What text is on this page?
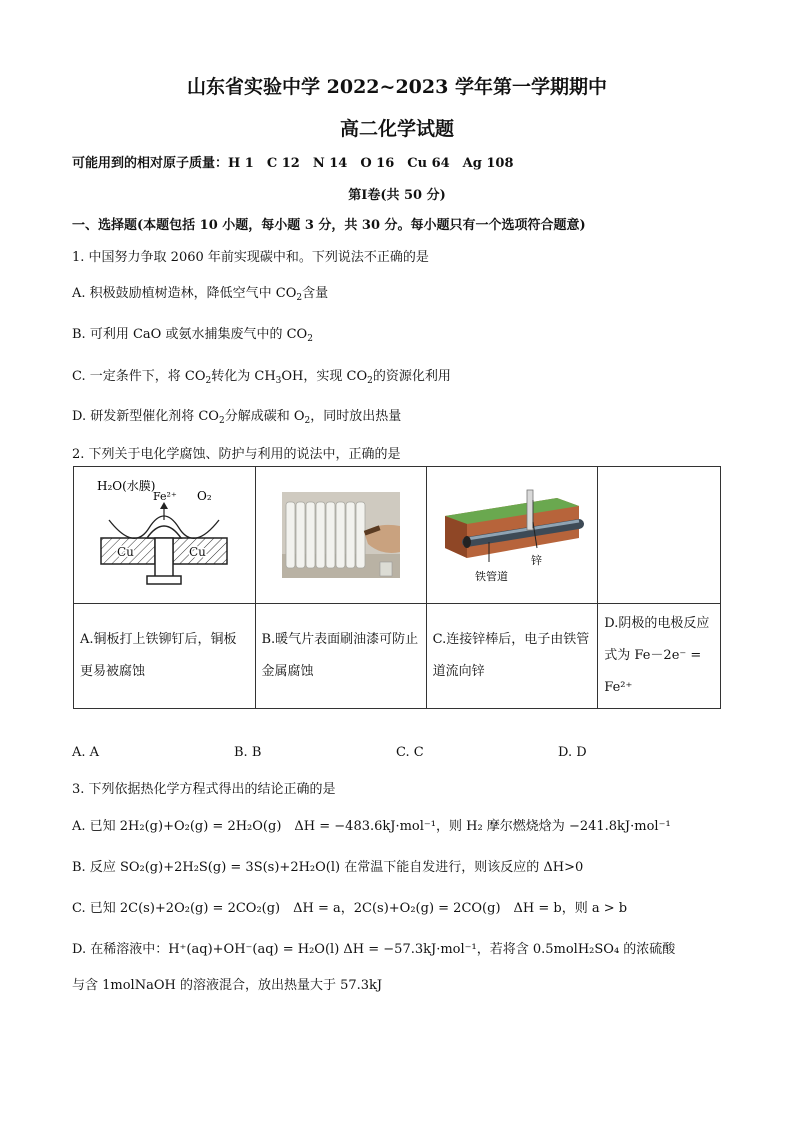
山东省实验中学 2022~2023 学年第一学期期中
高二化学试题
可能用到的相对原子质量：H 1　C 12　N 14　O 16　Cu 64　Ag 108
第Ⅰ卷(共 50 分)
一、选择题(本题包括 10 小题，每小题 3 分，共 30 分。每小题只有一个选项符合题意)
1. 中国努力争取 2060 年前实现碳中和。下列说法不正确的是
A. 积极鼓励植树造林，降低空气中 $CO_2$含量
B. 可利用 CaO 或氨水捕集废气中的 $CO_2$
C. 一定条件下，将 $CO_2$转化为 $CH_3OH$，实现 $CO_2$的资源化利用
D. 研发新型催化剂将 $CO_2$分解成碳和 $O_2$，同时放出热量
2. 下列关于电化学腐蚀、防护与利用的说法中，正确的是
H₂O(水膜)
O₂
Fe²⁺
Cu Cu		铁管道
锌	

A.铜板打上铁铆钉后，铜板更易被腐蚀	B.暖气片表面刷油漆可防止金属腐蚀	C.连接锌棒后，电子由铁管道流向锌	D.阴极的电极反应式为 Fe－2e⁻ = Fe²⁺
A. A	B. B	C. C	D. D
3. 下列依据热化学方程式得出的结论正确的是
A. 已知 2H₂(g)+O₂(g) = 2H₂O(g)　ΔH = −483.6kJ·mol⁻¹，则 H₂ 摩尔燃烧焓为 −241.8kJ·mol⁻¹
B. 反应 SO₂(g)+2H₂S(g) = 3S(s)+2H₂O(l) 在常温下能自发进行，则该反应的 ΔH>0
C. 已知 2C(s)+2O₂(g) = 2CO₂(g)　ΔH = a，2C(s)+O₂(g) = 2CO(g)　ΔH = b，则 a > b
D. 在稀溶液中：H⁺(aq)+OH⁻(aq) = H₂O(l) ΔH = −57.3kJ·mol⁻¹，若将含 0.5molH₂SO₄ 的浓硫酸
与含 1molNaOH 的溶液混合，放出热量大于 57.3kJ
